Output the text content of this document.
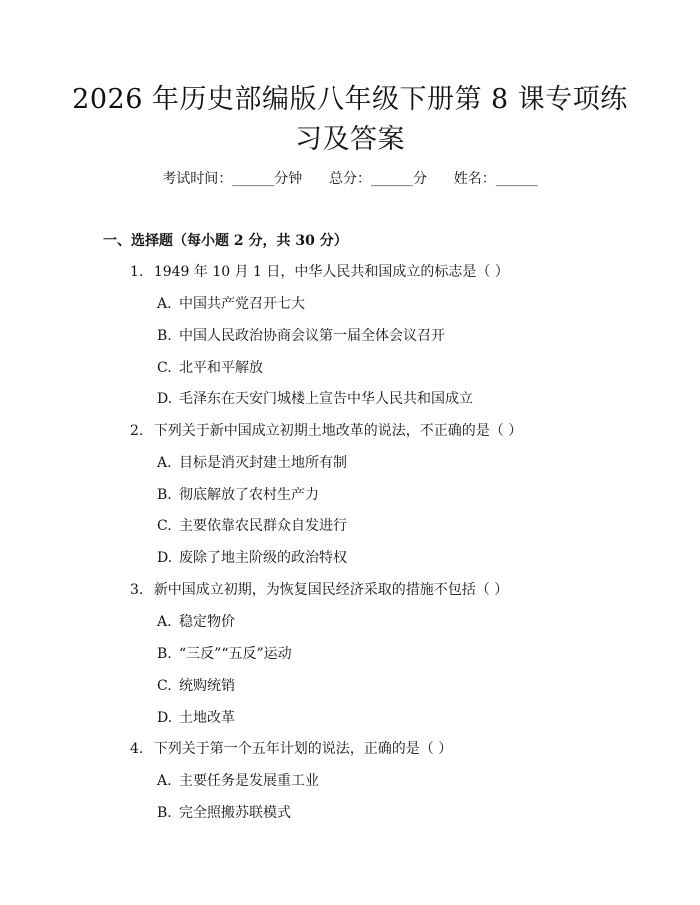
2026 年历史部编版八年级下册第 8 课专项练
习及答案
考试时间：______分钟      总分：______分      姓名：______
一、选择题（每小题 2 分，共 30 分）
1. 1949 年 10 月 1 日，中华人民共和国成立的标志是（ ）
A. 中国共产党召开七大
B. 中国人民政治协商会议第一届全体会议召开
C. 北平和平解放
D. 毛泽东在天安门城楼上宣告中华人民共和国成立
2. 下列关于新中国成立初期土地改革的说法，不正确的是（ ）
A. 目标是消灭封建土地所有制
B. 彻底解放了农村生产力
C. 主要依靠农民群众自发进行
D. 废除了地主阶级的政治特权
3. 新中国成立初期，为恢复国民经济采取的措施不包括（ ）
A. 稳定物价
B. “三反”“五反”运动
C. 统购统销
D. 土地改革
4. 下列关于第一个五年计划的说法，正确的是（ ）
A. 主要任务是发展重工业
B. 完全照搬苏联模式
